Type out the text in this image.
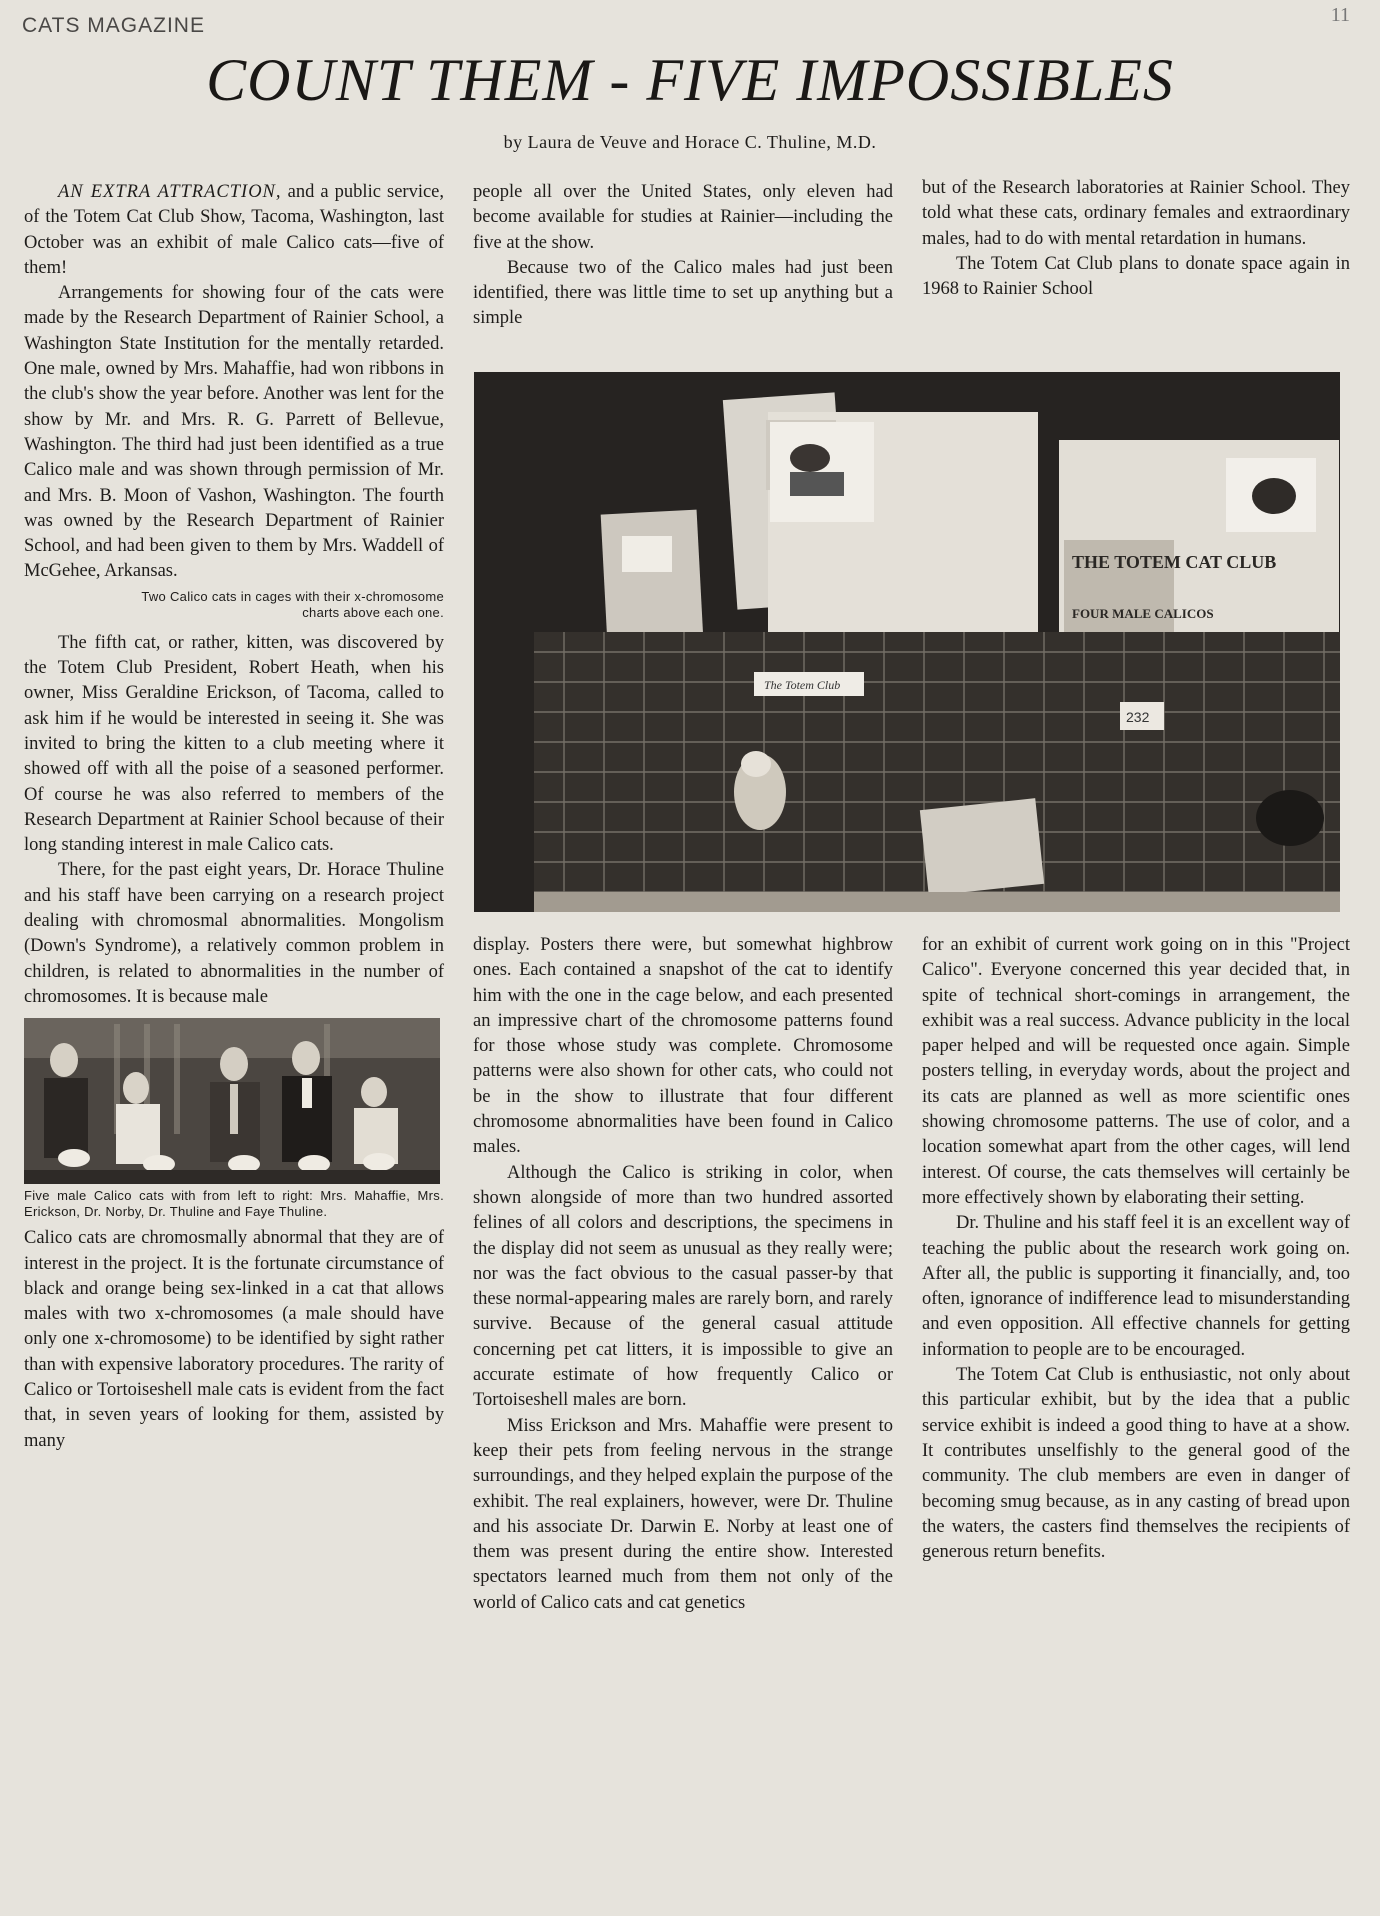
CATS MAGAZINE	11
COUNT THEM - FIVE IMPOSSIBLES
by Laura de Veuve and Horace C. Thuline, M.D.

AN EXTRA ATTRACTION, and a public service, of the Totem Cat Club Show, Tacoma, Washington, last October was an exhibit of male Calico cats—five of them!

Arrangements for showing four of the cats were made by the Research Department of Rainier School, a Washington State Institution for the mentally retarded. One male, owned by Mrs. Mahaffie, had won ribbons in the club's show the year before. Another was lent for the show by Mr. and Mrs. R. G. Parrett of Bellevue, Washington. The third had just been identified as a true Calico male and was shown through permission of Mr. and Mrs. B. Moon of Vashon, Washington. The fourth was owned by the Research Department of Rainier School, and had been given to them by Mrs. Waddell of McGehee, Arkansas.

Two Calico cats in cages with their x-chromosome charts above each one.

The fifth cat, or rather, kitten, was discovered by the Totem Club President, Robert Heath, when his owner, Miss Geraldine Erickson, of Tacoma, called to ask him if he would be interested in seeing it. She was invited to bring the kitten to a club meeting where it showed off with all the poise of a seasoned performer. Of course he was also referred to members of the Research Department at Rainier School because of their long standing interest in male Calico cats.

There, for the past eight years, Dr. Horace Thuline and his staff have been carrying on a research project dealing with chromosmal abnormalities. Mongolism (Down's Syndrome), a relatively common problem in children, is related to abnormalities in the number of chromosomes. It is because male

Five male Calico cats with from left to right: Mrs. Mahaffie, Mrs. Erickson, Dr. Norby, Dr. Thuline and Faye Thuline.

Calico cats are chromosmally abnormal that they are of interest in the project. It is the fortunate circumstance of black and orange being sex-linked in a cat that allows males with two x-chromosomes (a male should have only one x-chromosome) to be identified by sight rather than with expensive laboratory procedures. The rarity of Calico or Tortoiseshell male cats is evident from the fact that, in seven years of looking for them, assisted by many

people all over the United States, only eleven had become available for studies at Rainier—including the five at the show.

Because two of the Calico males had just been identified, there was little time to set up anything but a simple

but of the Research laboratories at Rainier School. They told what these cats, ordinary females and extraordinary males, had to do with mental retardation in humans.

The Totem Cat Club plans to donate space again in 1968 to Rainier School

THE TOTEM CAT CLUB
FOUR MALE CALICOS
The Totem Club
232

display. Posters there were, but somewhat highbrow ones. Each contained a snapshot of the cat to identify him with the one in the cage below, and each presented an impressive chart of the chromosome patterns found for those whose study was complete. Chromosome patterns were also shown for other cats, who could not be in the show to illustrate that four different chromosome abnormalities have been found in Calico males.

Although the Calico is striking in color, when shown alongside of more than two hundred assorted felines of all colors and descriptions, the specimens in the display did not seem as unusual as they really were; nor was the fact obvious to the casual passer-by that these normal-appearing males are rarely born, and rarely survive. Because of the general casual attitude concerning pet cat litters, it is impossible to give an accurate estimate of how frequently Calico or Tortoiseshell males are born.

Miss Erickson and Mrs. Mahaffie were present to keep their pets from feeling nervous in the strange surroundings, and they helped explain the purpose of the exhibit. The real explainers, however, were Dr. Thuline and his associate Dr. Darwin E. Norby at least one of them was present during the entire show. Interested spectators learned much from them not only of the world of Calico cats and cat genetics

for an exhibit of current work going on in this "Project Calico". Everyone concerned this year decided that, in spite of technical short-comings in arrangement, the exhibit was a real success. Advance publicity in the local paper helped and will be requested once again. Simple posters telling, in everyday words, about the project and its cats are planned as well as more scientific ones showing chromosome patterns. The use of color, and a location somewhat apart from the other cages, will lend interest. Of course, the cats themselves will certainly be more effectively shown by elaborating their setting.

Dr. Thuline and his staff feel it is an excellent way of teaching the public about the research work going on. After all, the public is supporting it financially, and, too often, ignorance of indifference lead to misunderstanding and even opposition. All effective channels for getting information to people are to be encouraged.

The Totem Cat Club is enthusiastic, not only about this particular exhibit, but by the idea that a public service exhibit is indeed a good thing to have at a show. It contributes unselfishly to the general good of the community. The club members are even in danger of becoming smug because, as in any casting of bread upon the waters, the casters find themselves the recipients of generous return benefits.
